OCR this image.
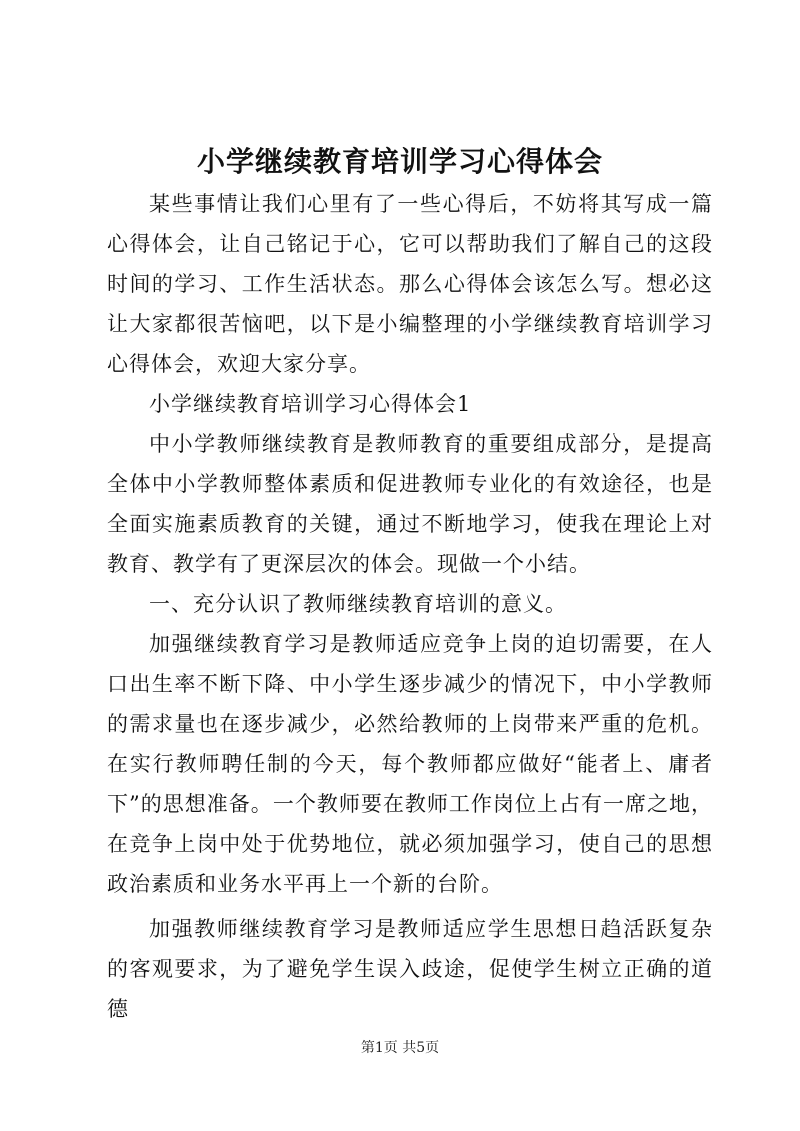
小学继续教育培训学习心得体会

某些事情让我们心里有了一些心得后，不妨将其写成一篇心得体会，让自己铭记于心，它可以帮助我们了解自己的这段时间的学习、工作生活状态。那么心得体会该怎么写。想必这让大家都很苦恼吧，以下是小编整理的小学继续教育培训学习心得体会，欢迎大家分享。

小学继续教育培训学习心得体会1

中小学教师继续教育是教师教育的重要组成部分，是提高全体中小学教师整体素质和促进教师专业化的有效途径，也是全面实施素质教育的关键，通过不断地学习，使我在理论上对教育、教学有了更深层次的体会。现做一个小结。

一、充分认识了教师继续教育培训的意义。

加强继续教育学习是教师适应竞争上岗的迫切需要，在人口出生率不断下降、中小学生逐步减少的情况下，中小学教师的需求量也在逐步减少，必然给教师的上岗带来严重的危机。在实行教师聘任制的今天，每个教师都应做好“能者上、庸者下”的思想准备。一个教师要在教师工作岗位上占有一席之地，在竞争上岗中处于优势地位，就必须加强学习，使自己的思想政治素质和业务水平再上一个新的台阶。

加强教师继续教育学习是教师适应学生思想日趋活跃复杂的客观要求，为了避免学生误入歧途，促使学生树立正确的道德

第1页 共5页
